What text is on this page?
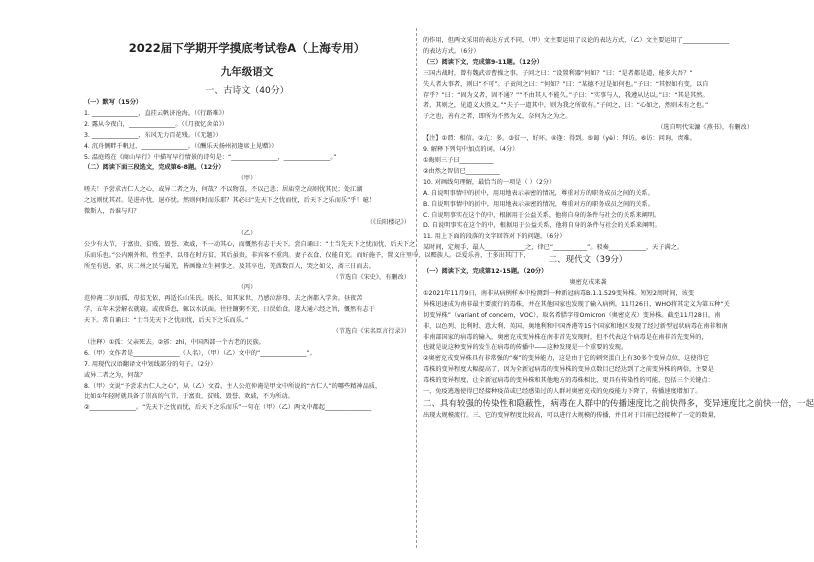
2022届下学期开学摸底考试卷A（上海专用）

九年级语文

一、古诗文（40分）

（一）默写（15分）

1. _______________，直挂云帆济沧海。（《行路难》）

2. 露从今夜白，_______________。（《月夜忆舍弟》）

3. _______________，东风无力百花残。（《无题》）

4. 沉舟侧畔千帆过，_______________。（《酬乐天扬州初逢席上见赠》）

5. 温庭筠在《商山早行》中描写早行情景的诗句是：“_______________，_______________。”

（二）阅读下面三段选文，完成第6-8题。（12分）

（甲）

嗟夫！予尝求古仁人之心，或异二者之为，何哉？不以物喜，不以己悲；居庙堂之高则忧其民；处江湖

之远则忧其君。是进亦忧，退亦忧。然则何时而乐耶？其必曰“先天下之忧而忧，后天下之乐而乐”乎！噫！

微斯人，吾谁与归？

（《岳阳楼记》）

（乙）

公少有大节，于富贵、贫贱、毁誉、欢戚，不一动其心，而慨然有志于天下。尝自诵曰：“士当先天下之忧而忧，后天下之

乐而乐也。”公内刚外和，性至孝，以母在时方贫，其后虽贵，非宾客不重肉。妻子衣食，仅能自充。而好施予，置义庄里中，以赡族人。泛爱乐善，士多出其门下，

所至有恩，邠、庆二州之民与属羌，皆画像立生祠事之。及其卒也，羌酋数百人，哭之如父，斋三日而去。

（节选自《宋史》，有删改）

（丙）

范仲淹二岁而孤，母贫无依，再适长山朱氏。既长，知其家世，乃感泣辞母，去之南都入学舍。昼夜苦

学，五年未尝解衣就寝。或夜昏怠，辄以水沃面。往往饘粥不充，日昃始食。遂大通六经之旨，慨然有志于

天下。常自诵曰：“士当先天下之忧而忧，后天下之乐而乐。”

（节选自《宋名臣言行录》）

（注释）①孤：父亲死去。②邠：zhì，中国西部一个古老的民族。

6.（甲）文作者是_______________（人名），（甲）（乙）文中的“_______________”。

7. 用现代汉语翻译文中划线部分的句子。（2分）

或异二者之为，何哉？

8.（甲）文说“予尝求古仁人之心”，从（乙）文看，主人公范仲淹是甲文中所说的“古仁人”的哪些精神品质，

比如①年轻时就具备了崇高的气节，于富贵、贫贱、毁誉、欢戚，不为所动。

②_______________。“先天下之忧而忧，后天下之乐而乐”一句在（甲）（乙）两文中都起_______________

的作用，但两文采用的表达方式不同，（甲）文主要运用了议论的表达方式，（乙）文主要运用了_______________

的表达方式。（6分）

（三）阅读下文，完成第9-11题。（12分）

三国古战时，曾有魏武帝曹操之事。子问之曰：“设置利器”何如？”曰：“是者都是道，能多大吾？”

失人者大事者，则曰“不可”。子贡问之曰：“何如？”曰：“某德不过是如何也。”子曰：“其恨如有变，以自

存乎？”曰：“固为义者，固不通？”“不由其人不能久。”子曰：“实事与人，我遵从达以。”曰：“其是其然。

者，其则之，见道义大胜义。”“夫子一道其中，则为我之所欲有。”子问之，曰：“心如之，然则未有之也。”

子之也，善有之者，即所为不然为义，奈何为之为之。

（选自明代宋濂《燕书》，有删改）

【注】①谓：相信。②亢：多。③贫一，好坏。④逢：得到。⑤谒（yè）：拜访。⑥访：问询，责难。

9. 解释下列句中加点的词。（4分）

①晦则三子曰___________

②由然之智信已___________

10. 对画线句理解，最恰当的一项是（ ）（2分）

A. 自说明事情中的折中，用用地表示亲密的情况，尊重对方的职务成员之间的关系。

B. 自说明事情中的折中，用用地表示亲密的情况，尊重对方的职务成员之间的关系。

C. 自说明事实在这个的中，根据用于公益关系，他将自身的条件与社会的关系来阐明。

D. 自说明事实在这个的中，根据用于公益关系，他将自身的条件与社会的关系来阐明。

11. 用上下面的段落的文字回答对下的问题。（6分）

某时间，定规手，最人_____________之，律已“___________”。驳奏____________，天子满之。

二、现代文（39分）

（一）阅读下文，完成第12-15题。（20分）

奥密克戎来袭

①2021年11月9日，南非从病例样本中检测到一种新冠病毒B.1.1.529变异株。短短2周时间，该变

异株迅速成为南非最主要流行的毒株，并在其他国家也发现了输入病例。11月26日，WHO将其定义为第五种“关

切变异株”（variant of concern，VOC），取名希腊字母Omicron（奥密克戎）变异株。截至11月28日，南

非、以色列、比利时、意大利、英国、奥地利和中国香港等15个国家和地区发现了经过新型冠状病毒在南非和南

非南部国家的病毒的输入，奥密克戎变异株在南非首先发现时，但不代表这个病毒是在南非首先变异的，

也就是说这种变异的发生在病毒的传播中——这种发现是一个重要的发现。

②奥密克戎变异株具有非常强的“奏”的变异能力，这是由于它的刺突蛋白上有30多个变异点位，这使得它

毒株的变异程度大幅提高了，因为全新冠病毒的变异株的变异点数目已经达到了之前变异株的两倍，主要是

毒株的变异程度，让全新冠病毒的变异株和其他地方的毒株相比，更具有传染性的可能，包括三个关键点：

一、免疫逃逸使得已经接种疫苗或已经感染过的人群对奥密克戎的免疫能力下降了，传播速度增加了。

二、具有较强的传染性和隐蔽性，病毒在人群中的传播速度比之前快得多，变异速度比之前快一倍，一起

出现大规模流行。三、它的变异程度比较高，可以进行大规模的传播，并且对于目前已经接种了一定的数量，
